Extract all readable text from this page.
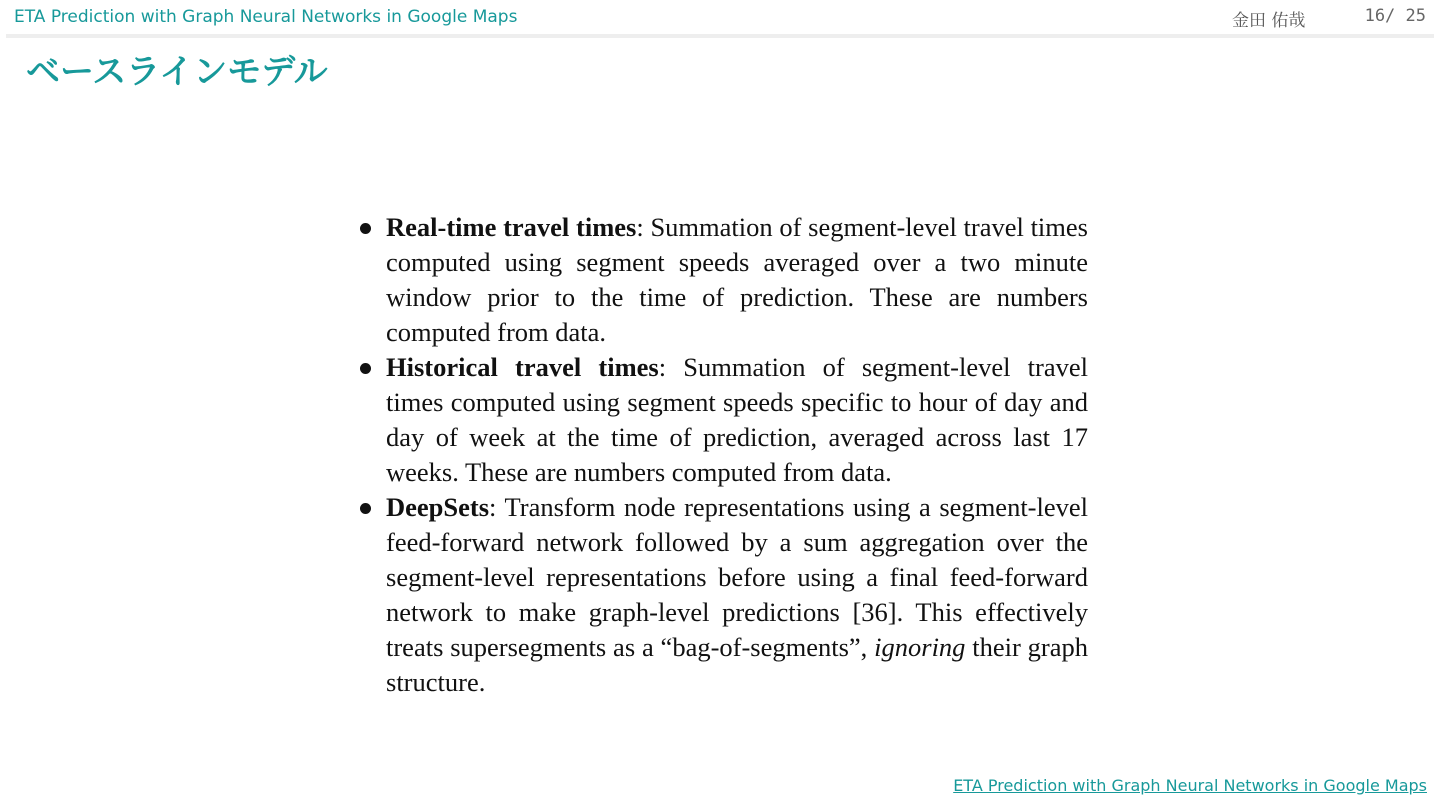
ETA Prediction with Graph Neural Networks in Google Maps	金田 佑哉	16/ 25
ベースラインモデル
Real-time travel times: Summation of segment-level travel times computed using segment speeds averaged over a two minute window prior to the time of prediction. These are numbers computed from data.
Historical travel times: Summation of segment-level travel times computed using segment speeds specific to hour of day and day of week at the time of prediction, averaged across last 17 weeks. These are numbers computed from data.
DeepSets: Transform node representations using a segment-level feed-forward network followed by a sum aggregation over the segment-level representations before using a final feed-forward network to make graph-level predictions [36]. This effectively treats supersegments as a “bag-of-segments”, ignoring their graph structure.
ETA Prediction with Graph Neural Networks in Google Maps
